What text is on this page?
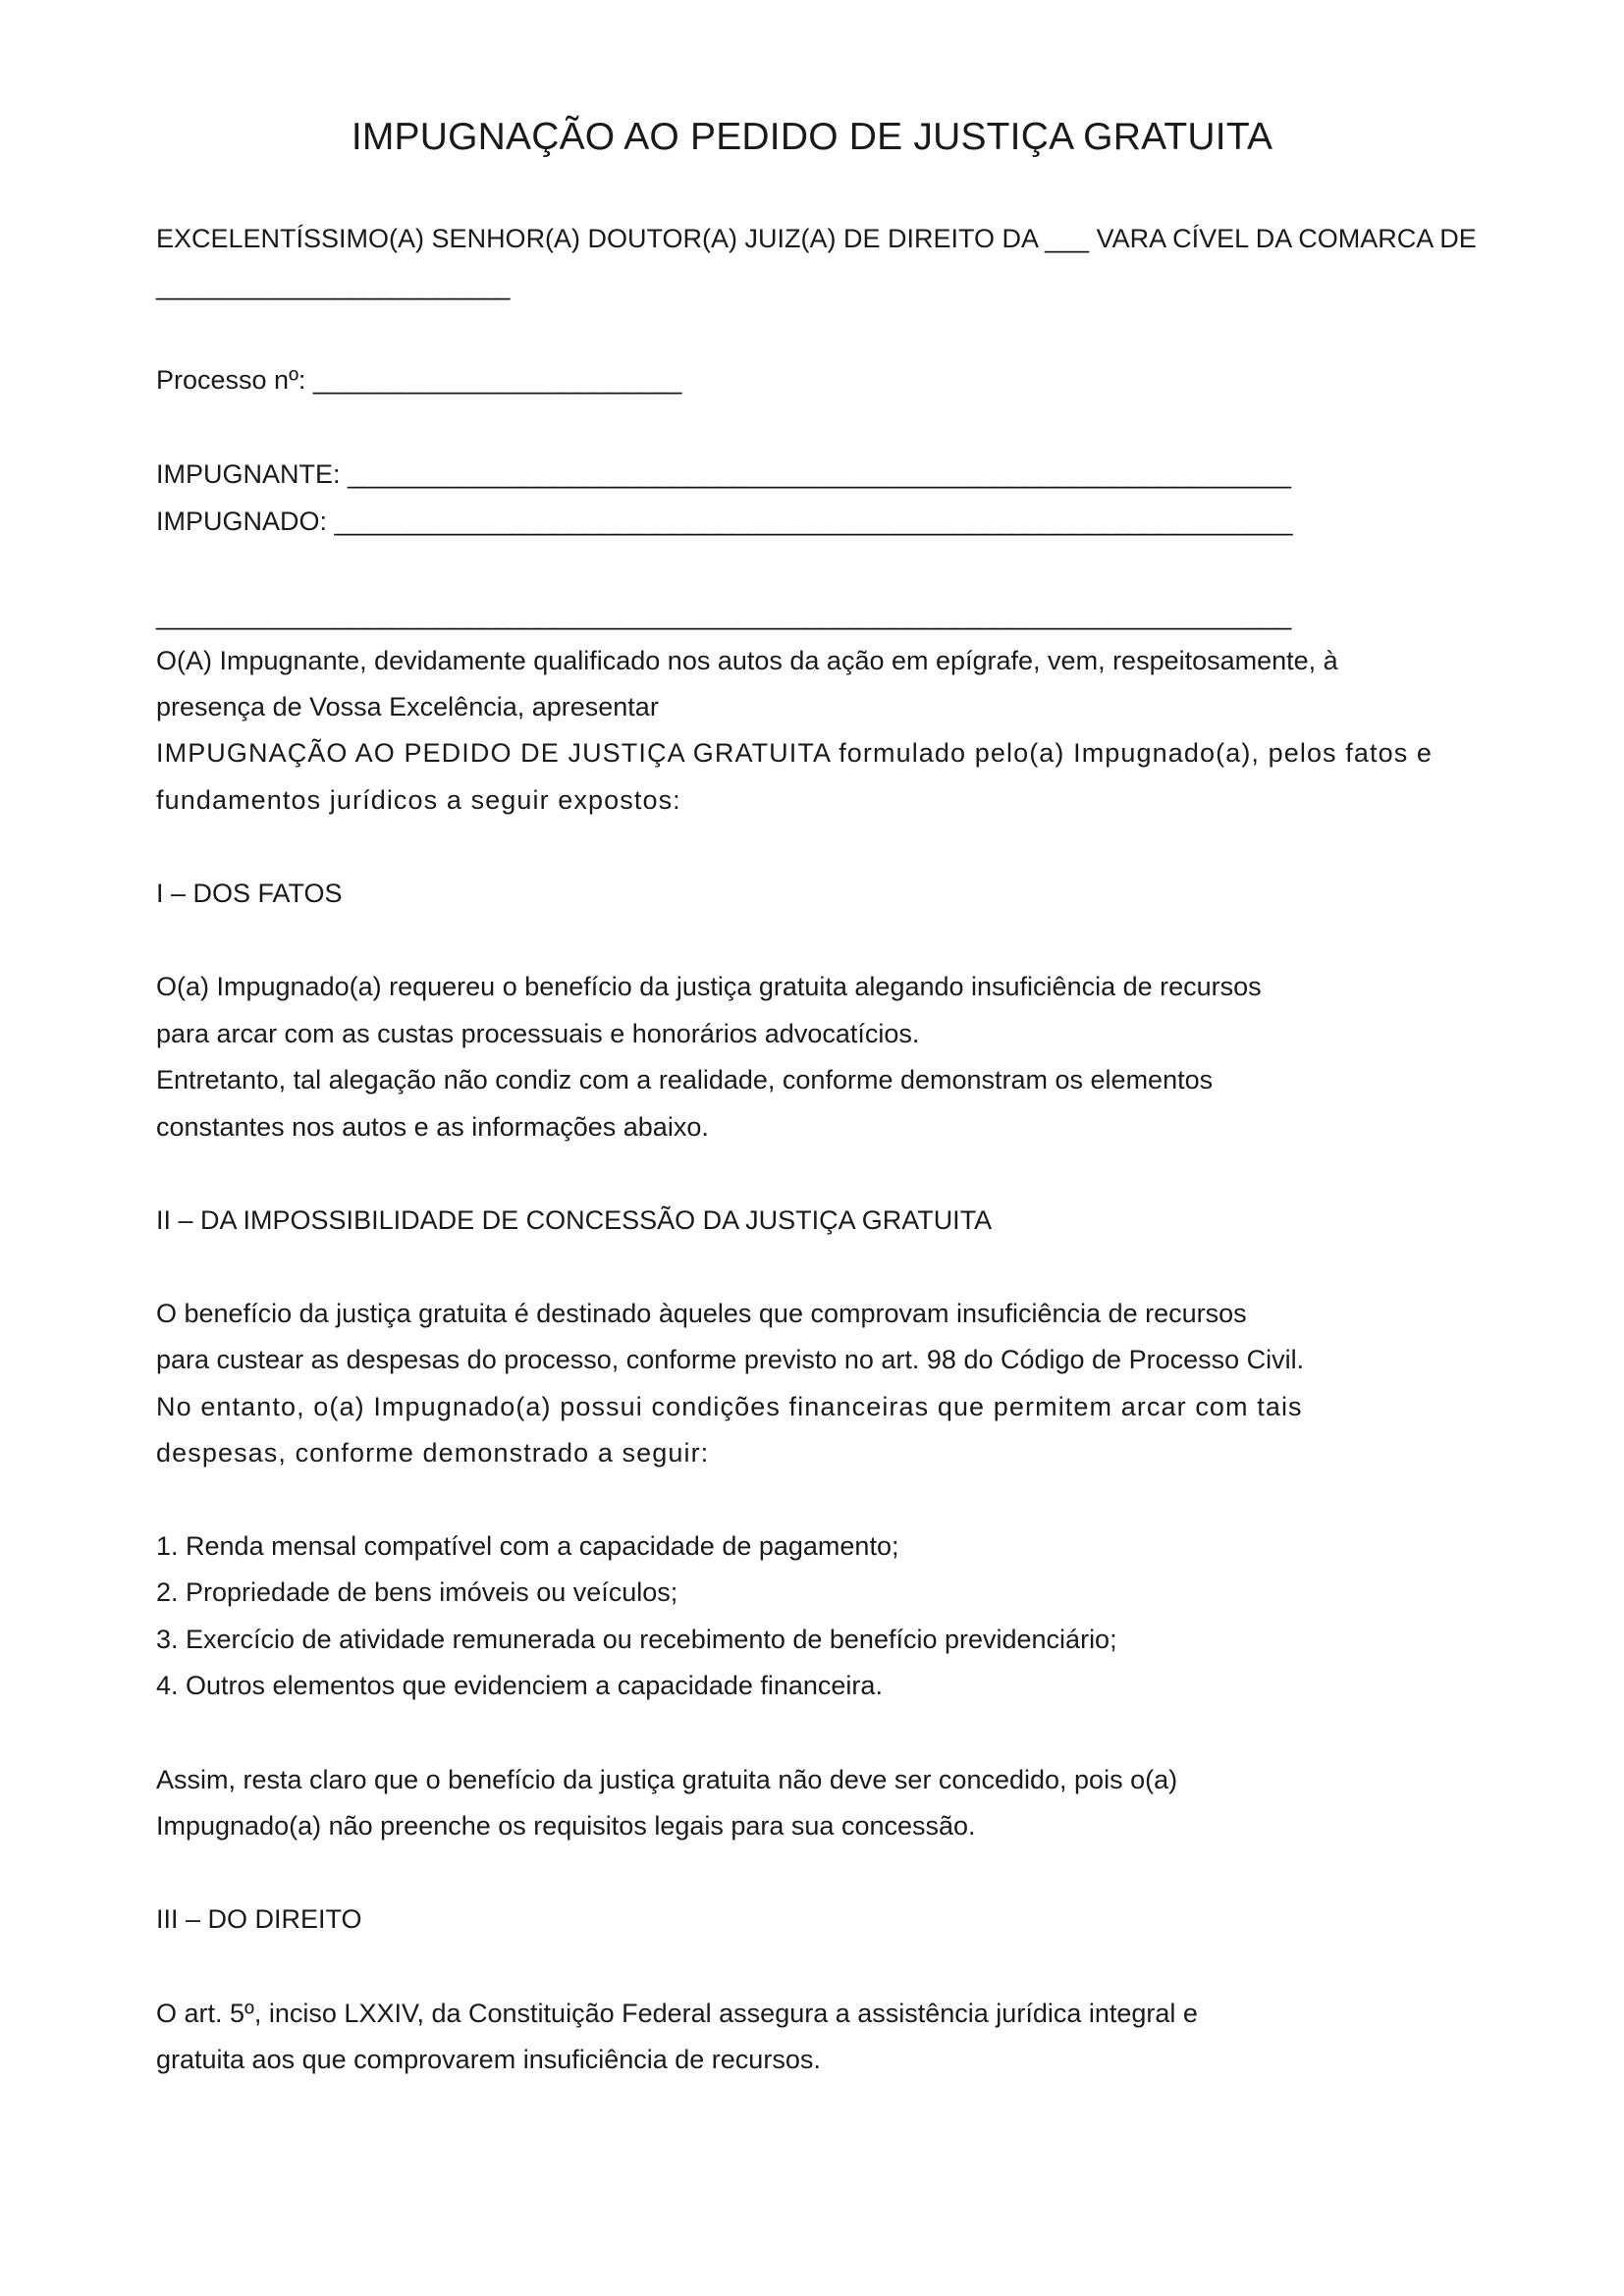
IMPUGNAÇÃO AO PEDIDO DE JUSTIÇA GRATUITA
EXCELENTÍSSIMO(A) SENHOR(A) DOUTOR(A) JUIZ(A) DE DIREITO DA ___ VARA CÍVEL DA COMARCA DE
________________________
Processo nº: _________________________
IMPUGNANTE: ________________________________________________________________
IMPUGNADO: _________________________________________________________________
_____________________________________________________________________________
O(A) Impugnante, devidamente qualificado nos autos da ação em epígrafe, vem, respeitosamente, à
presença de Vossa Excelência, apresentar
IMPUGNAÇÃO AO PEDIDO DE JUSTIÇA GRATUITA formulado pelo(a) Impugnado(a), pelos fatos e
fundamentos jurídicos a seguir expostos:
I – DOS FATOS
O(a) Impugnado(a) requereu o benefício da justiça gratuita alegando insuficiência de recursos
para arcar com as custas processuais e honorários advocatícios.
Entretanto, tal alegação não condiz com a realidade, conforme demonstram os elementos
constantes nos autos e as informações abaixo.
II – DA IMPOSSIBILIDADE DE CONCESSÃO DA JUSTIÇA GRATUITA
O benefício da justiça gratuita é destinado àqueles que comprovam insuficiência de recursos
para custear as despesas do processo, conforme previsto no art. 98 do Código de Processo Civil.
No entanto, o(a) Impugnado(a) possui condições financeiras que permitem arcar com tais
despesas, conforme demonstrado a seguir:
1. Renda mensal compatível com a capacidade de pagamento;
2. Propriedade de bens imóveis ou veículos;
3. Exercício de atividade remunerada ou recebimento de benefício previdenciário;
4. Outros elementos que evidenciem a capacidade financeira.
Assim, resta claro que o benefício da justiça gratuita não deve ser concedido, pois o(a)
Impugnado(a) não preenche os requisitos legais para sua concessão.
III – DO DIREITO
O art. 5º, inciso LXXIV, da Constituição Federal assegura a assistência jurídica integral e
gratuita aos que comprovarem insuficiência de recursos.
